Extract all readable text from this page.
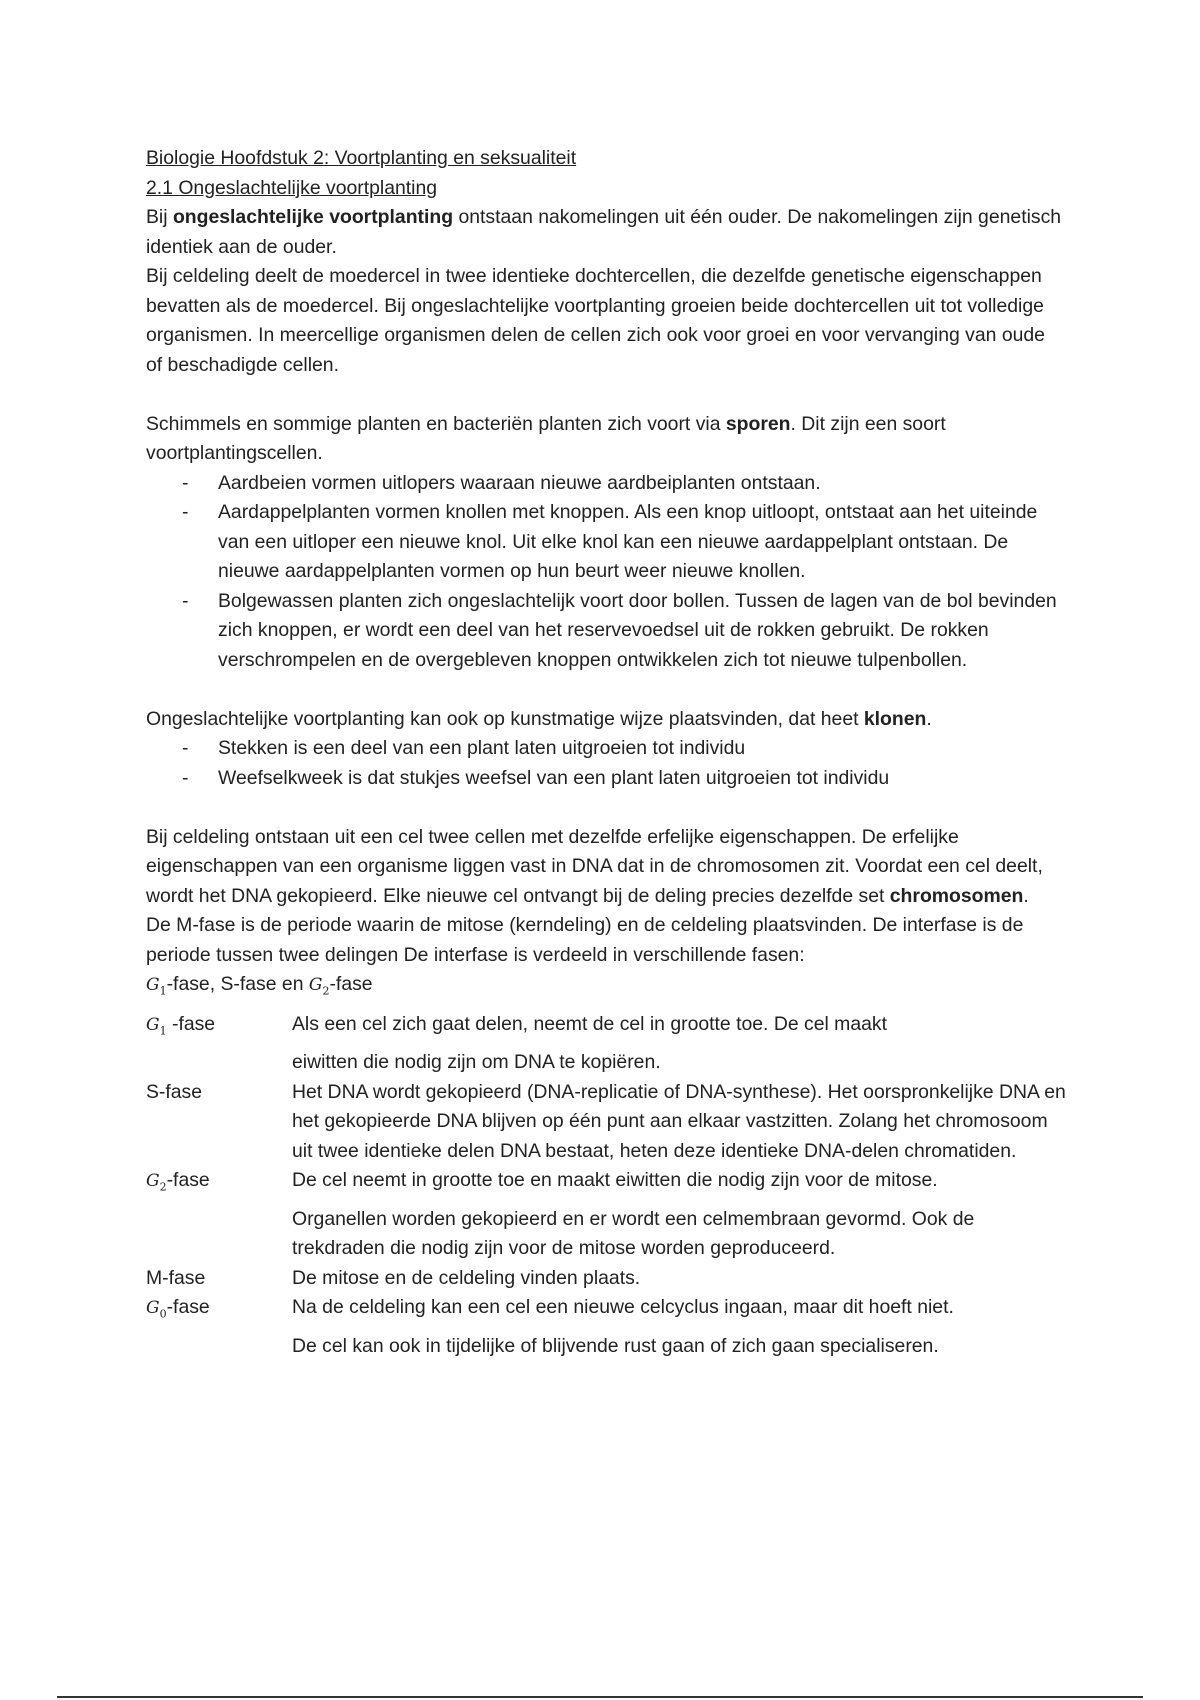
Biologie Hoofdstuk 2: Voortplanting en seksualiteit

2.1 Ongeslachtelijke voortplanting

Bij ongeslachtelijke voortplanting ontstaan nakomelingen uit één ouder. De nakomelingen zijn genetisch identiek aan de ouder.

Bij celdeling deelt de moedercel in twee identieke dochtercellen, die dezelfde genetische eigenschappen bevatten als de moedercel. Bij ongeslachtelijke voortplanting groeien beide dochtercellen uit tot volledige organismen. In meercellige organismen delen de cellen zich ook voor groei en voor vervanging van oude of beschadigde cellen.

Schimmels en sommige planten en bacteriën planten zich voort via sporen. Dit zijn een soort voortplantingscellen.

- Aardbeien vormen uitlopers waaraan nieuwe aardbeiplanten ontstaan.
- Aardappelplanten vormen knollen met knoppen. Als een knop uitloopt, ontstaat aan het uiteinde van een uitloper een nieuwe knol. Uit elke knol kan een nieuwe aardappelplant ontstaan. De nieuwe aardappelplanten vormen op hun beurt weer nieuwe knollen.
- Bolgewassen planten zich ongeslachtelijk voort door bollen. Tussen de lagen van de bol bevinden zich knoppen, er wordt een deel van het reservevoedsel uit de rokken gebruikt. De rokken verschrompelen en de overgebleven knoppen ontwikkelen zich tot nieuwe tulpenbollen.

Ongeslachtelijke voortplanting kan ook op kunstmatige wijze plaatsvinden, dat heet klonen.

- Stekken is een deel van een plant laten uitgroeien tot individu
- Weefselkweek is dat stukjes weefsel van een plant laten uitgroeien tot individu

Bij celdeling ontstaan uit een cel twee cellen met dezelfde erfelijke eigenschappen. De erfelijke eigenschappen van een organisme liggen vast in DNA dat in de chromosomen zit. Voordat een cel deelt, wordt het DNA gekopieerd. Elke nieuwe cel ontvangt bij de deling precies dezelfde set chromosomen.

De M-fase is de periode waarin de mitose (kerndeling) en de celdeling plaatsvinden. De interfase is de periode tussen twee delingen De interfase is verdeeld in verschillende fasen:

$G_1$-fase, S-fase en $G_2$-fase

$G_1$ -fase	Als een cel zich gaat delen, neemt de cel in grootte toe. De cel maakt
eiwitten die nodig zijn om DNA te kopiëren.
S-fase	Het DNA wordt gekopieerd (DNA-replicatie of DNA-synthese). Het oorspronkelijke DNA en het gekopieerde DNA blijven op één punt aan elkaar vastzitten. Zolang het chromosoom uit twee identieke delen DNA bestaat, heten deze identieke DNA-delen chromatiden.
$G_2$-fase	De cel neemt in grootte toe en maakt eiwitten die nodig zijn voor de mitose.
Organellen worden gekopieerd en er wordt een celmembraan gevormd. Ook de trekdraden die nodig zijn voor de mitose worden geproduceerd.
M-fase	De mitose en de celdeling vinden plaats.
$G_0$-fase	Na de celdeling kan een cel een nieuwe celcyclus ingaan, maar dit hoeft niet.
De cel kan ook in tijdelijke of blijvende rust gaan of zich gaan specialiseren.
